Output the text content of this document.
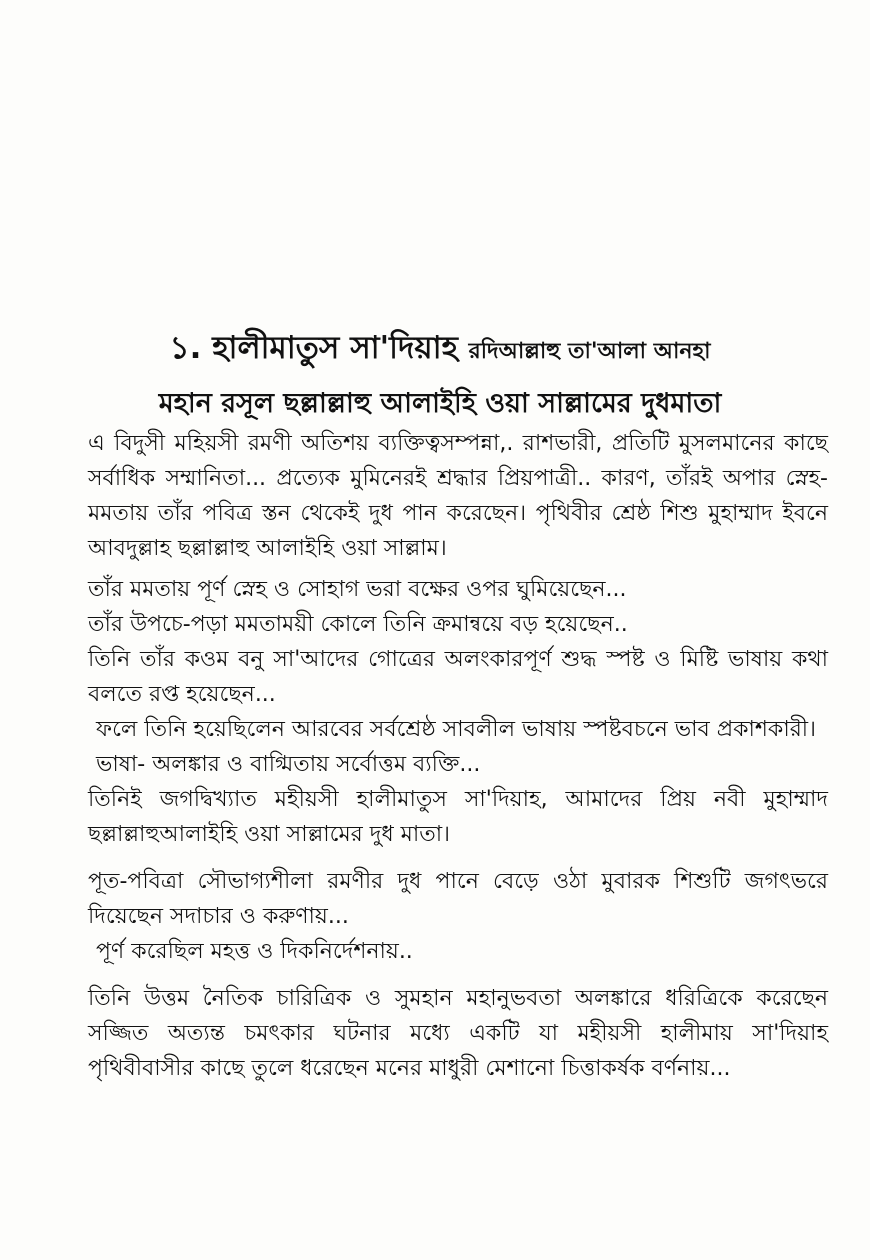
১. হালীমাতুস সা'দিয়াহ রদিআল্লাহু তা'আলা আনহা
মহান রসূল ছল্লাল্লাহু আলাইহি ওয়া সাল্লামের দুধমাতা

এ বিদুসী মহিয়সী রমণী অতিশয় ব্যক্তিত্বসম্পন্না,. রাশভারী, প্রতিটি মুসলমানের কাছে সর্বাধিক সম্মানিতা... প্রত্যেক মুমিনেরই শ্রদ্ধার প্রিয়পাত্রী.. কারণ, তাঁরই অপার স্নেহ-মমতায় তাঁর পবিত্র স্তন থেকেই দুধ পান করেছেন। পৃথিবীর শ্রেষ্ঠ শিশু মুহাম্মাদ ইবনে আবদুল্লাহ ছল্লাল্লাহু আলাইহি ওয়া সাল্লাম।

তাঁর মমতায় পূর্ণ স্নেহ ও সোহাগ ভরা বক্ষের ওপর ঘুমিয়েছেন...

তাঁর উপচে-পড়া মমতাময়ী কোলে তিনি ক্রমান্বয়ে বড় হয়েছেন..

তিনি তাঁর কওম বনু সা'আদের গোত্রের অলংকারপূর্ণ শুদ্ধ স্পষ্ট ও মিষ্টি ভাষায় কথা বলতে রপ্ত হয়েছেন...

ফলে তিনি হয়েছিলেন আরবের সর্বশ্রেষ্ঠ সাবলীল ভাষায় স্পষ্টবচনে ভাব প্রকাশকারী।

ভাষা- অলঙ্কার ও বাগ্মিতায় সর্বোত্তম ব্যক্তি...

তিনিই জগদ্বিখ্যাত মহীয়সী হালীমাতুস সা'দিয়াহ, আমাদের প্রিয় নবী মুহাম্মাদ ছল্লাল্লাহুআলাইহি ওয়া সাল্লামের দুধ মাতা।

পূত-পবিত্রা সৌভাগ্যশীলা রমণীর দুধ পানে বেড়ে ওঠা মুবারক শিশুটি জগৎভরে দিয়েছেন সদাচার ও করুণায়...

পূর্ণ করেছিল মহত্ত ও দিকনির্দেশনায়..

তিনি উত্তম নৈতিক চারিত্রিক ও সুমহান মহানুভবতা অলঙ্কারে ধরিত্রিকে করেছেন সজ্জিত অত্যন্ত চমৎকার ঘটনার মধ্যে একটি যা মহীয়সী হালীমায় সা'দিয়াহ পৃথিবীবাসীর কাছে তুলে ধরেছেন মনের মাধুরী মেশানো চিত্তাকর্ষক বর্ণনায়...
